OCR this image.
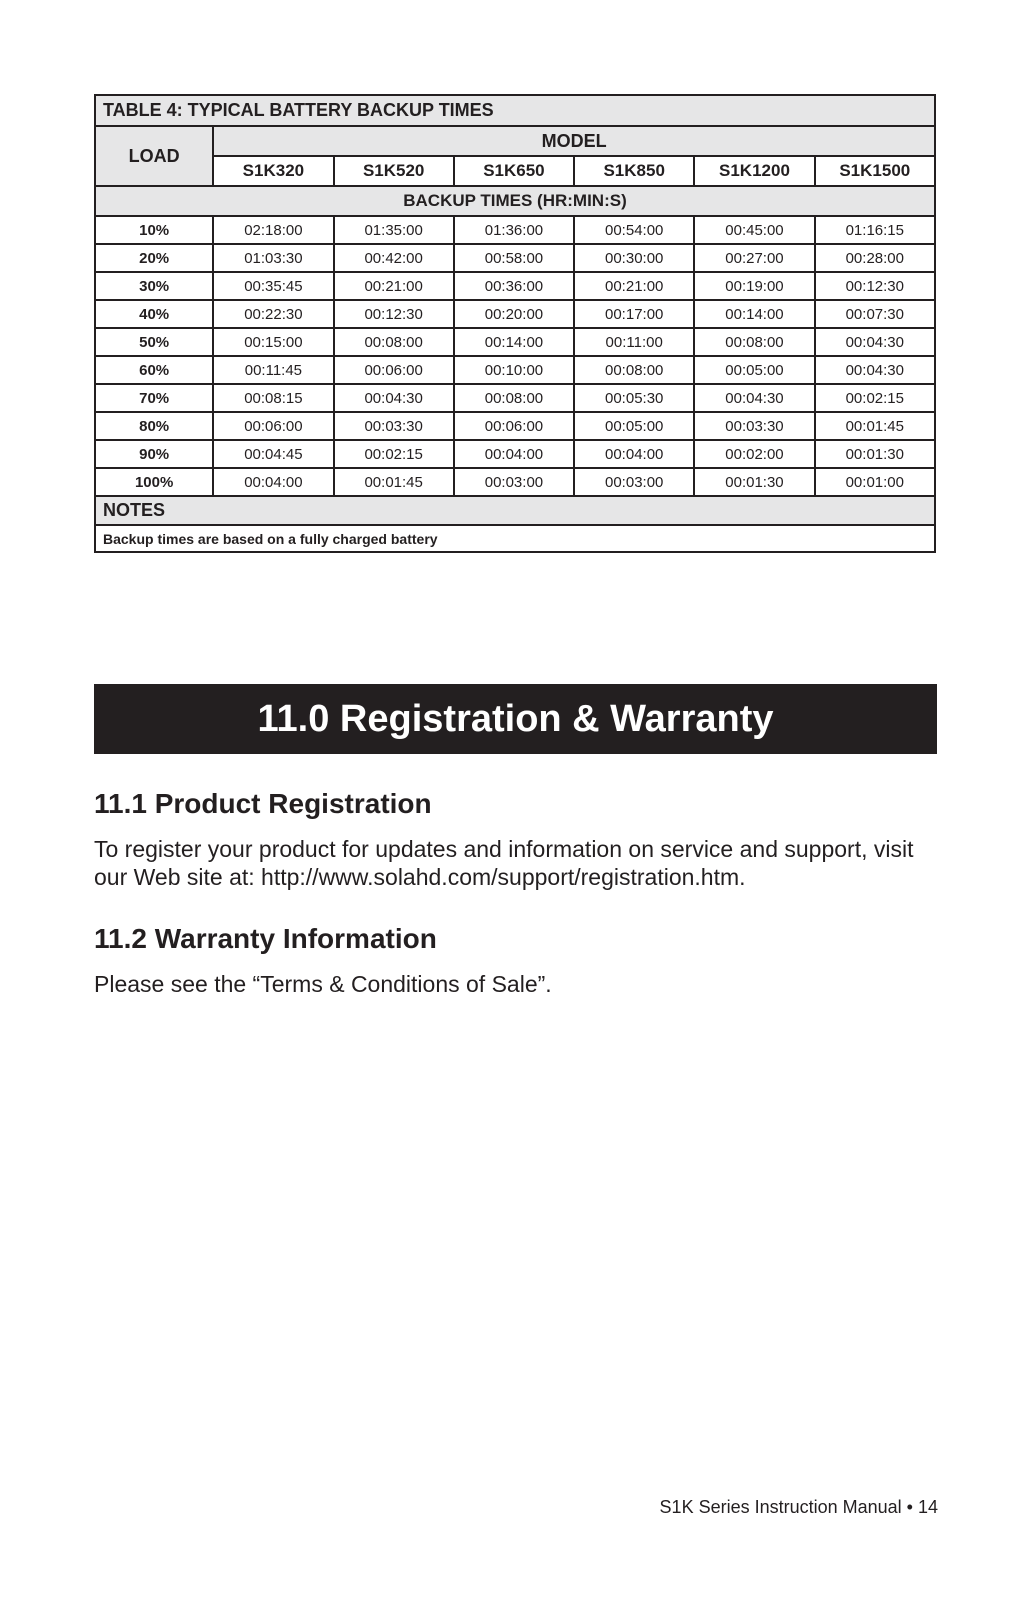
TABLE 4: TYPICAL BATTERY BACKUP TIMES						
LOAD	MODEL					
	S1K320	S1K520	S1K650	S1K850	S1K1200	S1K1500
BACKUP TIMES (HR:MIN:S)						
10%	02:18:00	01:35:00	01:36:00	00:54:00	00:45:00	01:16:15
20%	01:03:30	00:42:00	00:58:00	00:30:00	00:27:00	00:28:00
30%	00:35:45	00:21:00	00:36:00	00:21:00	00:19:00	00:12:30
40%	00:22:30	00:12:30	00:20:00	00:17:00	00:14:00	00:07:30
50%	00:15:00	00:08:00	00:14:00	00:11:00	00:08:00	00:04:30
60%	00:11:45	00:06:00	00:10:00	00:08:00	00:05:00	00:04:30
70%	00:08:15	00:04:30	00:08:00	00:05:30	00:04:30	00:02:15
80%	00:06:00	00:03:30	00:06:00	00:05:00	00:03:30	00:01:45
90%	00:04:45	00:02:15	00:04:00	00:04:00	00:02:00	00:01:30
100%	00:04:00	00:01:45	00:03:00	00:03:00	00:01:30	00:01:00
NOTES						
Backup times are based on a fully charged battery						
11.0 Registration & Warranty
11.1 Product Registration

To register your product for updates and information on service and support, visit our Web site at: http://www.solahd.com/support/registration.htm.

11.2 Warranty Information

Please see the “Terms & Conditions of Sale”.

S1K Series Instruction Manual • 14
